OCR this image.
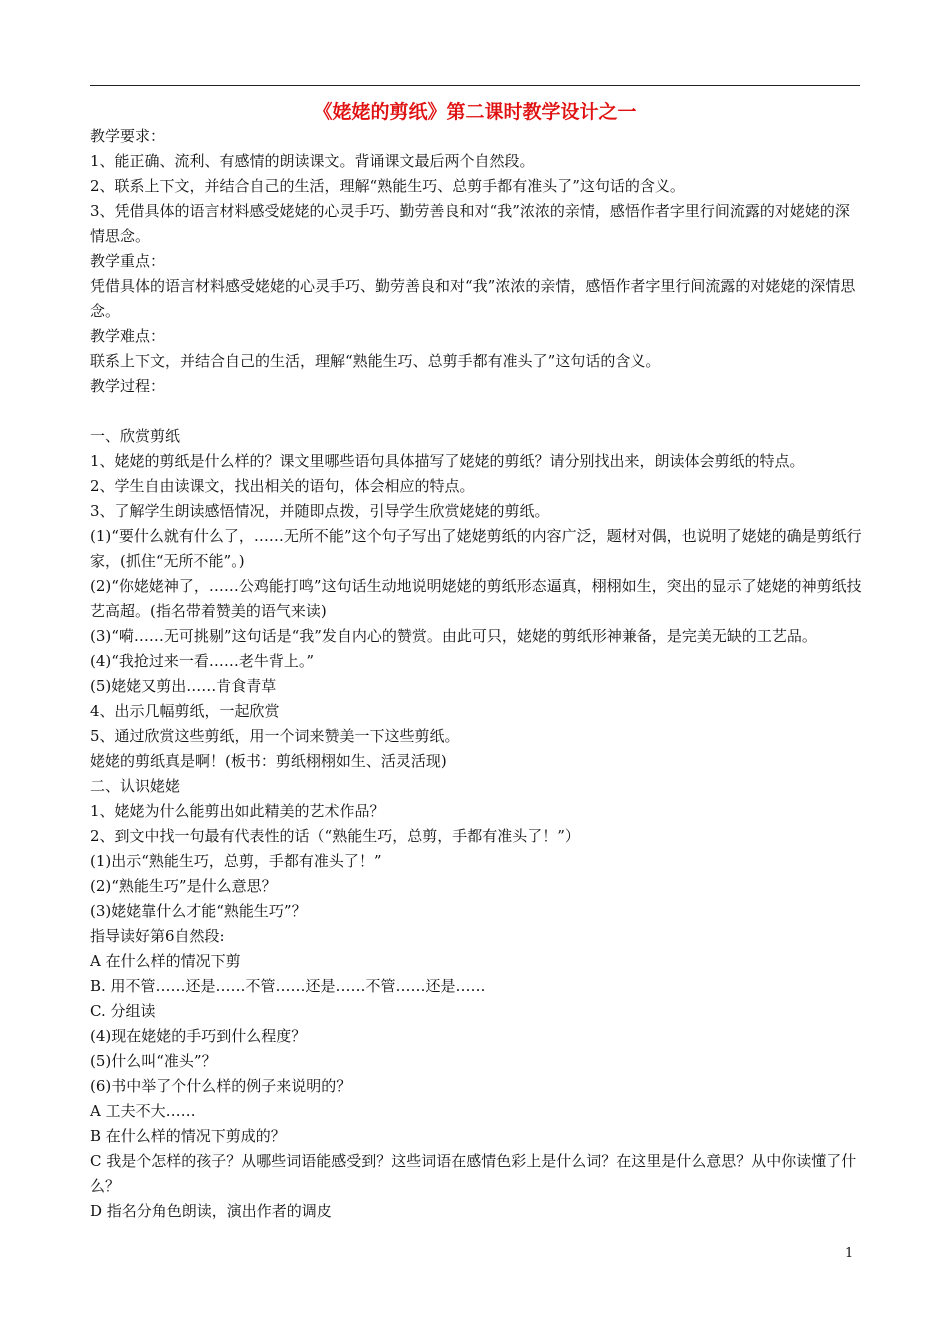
《姥姥的剪纸》第二课时教学设计之一

教学要求：

1、能正确、流利、有感情的朗读课文。背诵课文最后两个自然段。

2、联系上下文，并结合自己的生活，理解“熟能生巧、总剪手都有准头了”这句话的含义。

3、凭借具体的语言材料感受姥姥的心灵手巧、勤劳善良和对“我”浓浓的亲情，感悟作者字里行间流露的对姥姥的深情思念。

教学重点：

凭借具体的语言材料感受姥姥的心灵手巧、勤劳善良和对“我”浓浓的亲情，感悟作者字里行间流露的对姥姥的深情思念。

教学难点：

联系上下文，并结合自己的生活，理解“熟能生巧、总剪手都有准头了”这句话的含义。

教学过程：

一、欣赏剪纸

1、姥姥的剪纸是什么样的？课文里哪些语句具体描写了姥姥的剪纸？请分别找出来，朗读体会剪纸的特点。

2、学生自由读课文，找出相关的语句，体会相应的特点。

3、了解学生朗读感悟情况，并随即点拨，引导学生欣赏姥姥的剪纸。

(1)“要什么就有什么了，……无所不能”这个句子写出了姥姥剪纸的内容广泛，题材对偶，也说明了姥姥的确是剪纸行家，(抓住“无所不能”。)

(2)“你姥姥神了，……公鸡能打鸣”这句话生动地说明姥姥的剪纸形态逼真，栩栩如生，突出的显示了姥姥的神剪纸技艺高超。(指名带着赞美的语气来读)

(3)“嗬……无可挑剔”这句话是“我”发自内心的赞赏。由此可只，姥姥的剪纸形神兼备，是完美无缺的工艺品。

(4)“我抢过来一看……老牛背上。”

(5)姥姥又剪出……肯食青草

4、出示几幅剪纸，一起欣赏

5、通过欣赏这些剪纸，用一个词来赞美一下这些剪纸。

姥姥的剪纸真是啊！(板书：剪纸栩栩如生、活灵活现)

二、认识姥姥

1、姥姥为什么能剪出如此精美的艺术作品？

2、到文中找一句最有代表性的话（“熟能生巧，总剪，手都有准头了！”）

(1)出示“熟能生巧，总剪，手都有准头了！”

(2)“熟能生巧”是什么意思？

(3)姥姥靠什么才能“熟能生巧”？

指导读好第6自然段:

A 在什么样的情况下剪

B. 用不管……还是……不管……还是……不管……还是……

C. 分组读

(4)现在姥姥的手巧到什么程度？

(5)什么叫“准头”？

(6)书中举了个什么样的例子来说明的？

A 工夫不大……

B 在什么样的情况下剪成的？

C 我是个怎样的孩子？从哪些词语能感受到？这些词语在感情色彩上是什么词？在这里是什么意思？从中你读懂了什么？

D 指名分角色朗读，演出作者的调皮

1
